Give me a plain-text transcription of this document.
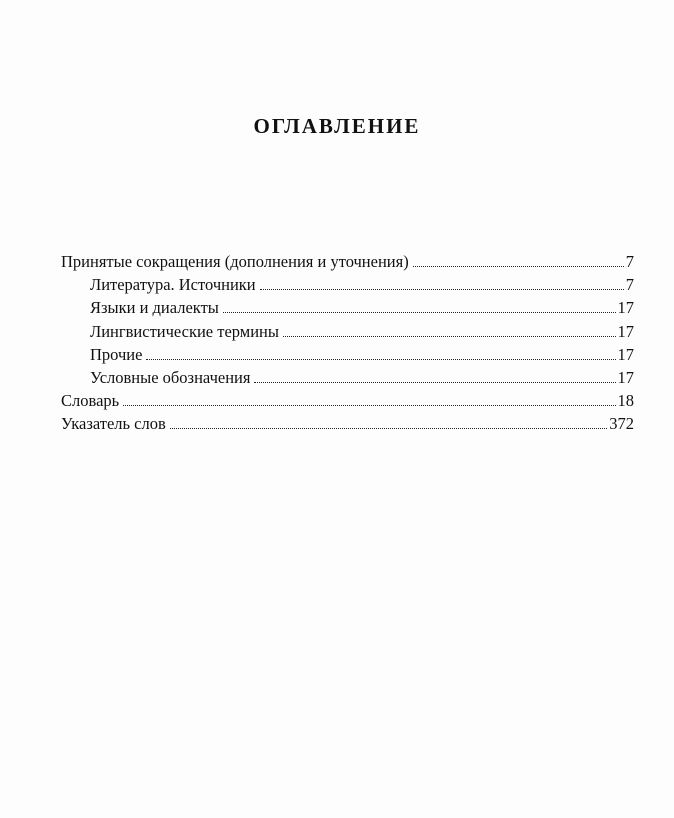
ОГЛАВЛЕНИЕ
Принятые сокращения (дополнения и уточнения)	7
Литература. Источники	7
Языки и диалекты	17
Лингвистические термины	17
Прочие	17
Условные обозначения	17
Словарь	18
Указатель слов	372
